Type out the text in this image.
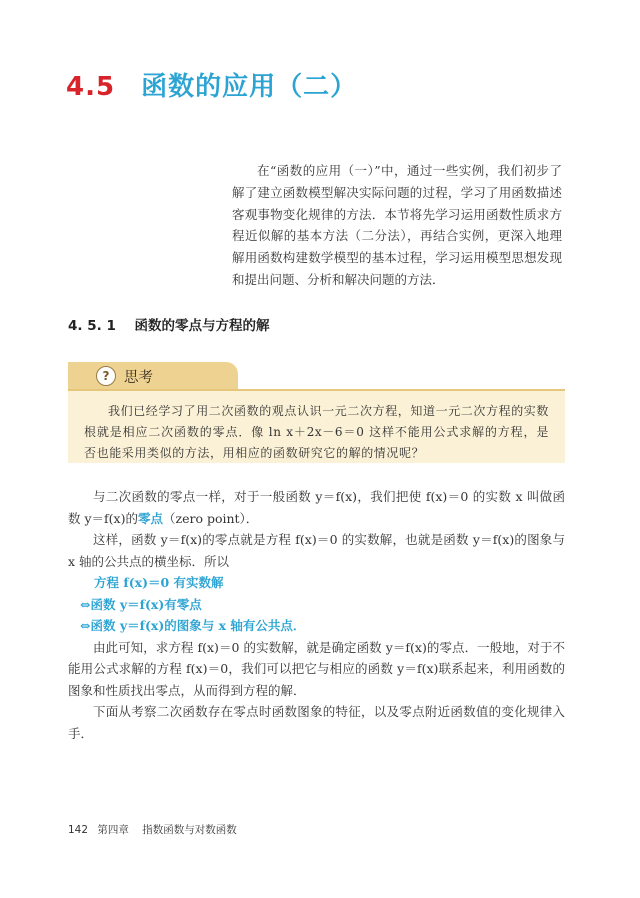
4.5 函数的应用（二）

在“函数的应用（一）”中，通过一些实例，我们初步了解了建立函数模型解决实际问题的过程，学习了用函数描述客观事物变化规律的方法．本节将先学习运用函数性质求方程近似解的基本方法（二分法），再结合实例，更深入地理解用函数构建数学模型的基本过程，学习运用模型思想发现和提出问题、分析和解决问题的方法．

4. 5. 1 函数的零点与方程的解
?	思考

我们已经学习了用二次函数的观点认识一元二次方程，知道一元二次方程的实数根就是相应二次函数的零点．像 ln x＋2x－6＝0 这样不能用公式求解的方程，是否也能采用类似的方法，用相应的函数研究它的解的情况呢？

与二次函数的零点一样，对于一般函数 y＝f(x)，我们把使 f(x)＝0 的实数 x 叫做函数 y＝f(x)的零点（zero point）．

这样，函数 y＝f(x)的零点就是方程 f(x)＝0 的实数解，也就是函数 y＝f(x)的图象与 x 轴的公共点的横坐标．所以

方程 f(x)＝0 有实数解
⇔函数 y＝f(x)有零点
⇔函数 y＝f(x)的图象与 x 轴有公共点．

由此可知，求方程 f(x)＝0 的实数解，就是确定函数 y＝f(x)的零点．一般地，对于不能用公式求解的方程 f(x)＝0，我们可以把它与相应的函数 y＝f(x)联系起来，利用函数的图象和性质找出零点，从而得到方程的解．

下面从考察二次函数存在零点时函数图象的特征，以及零点附近函数值的变化规律入手．

142 第四章 指数函数与对数函数
